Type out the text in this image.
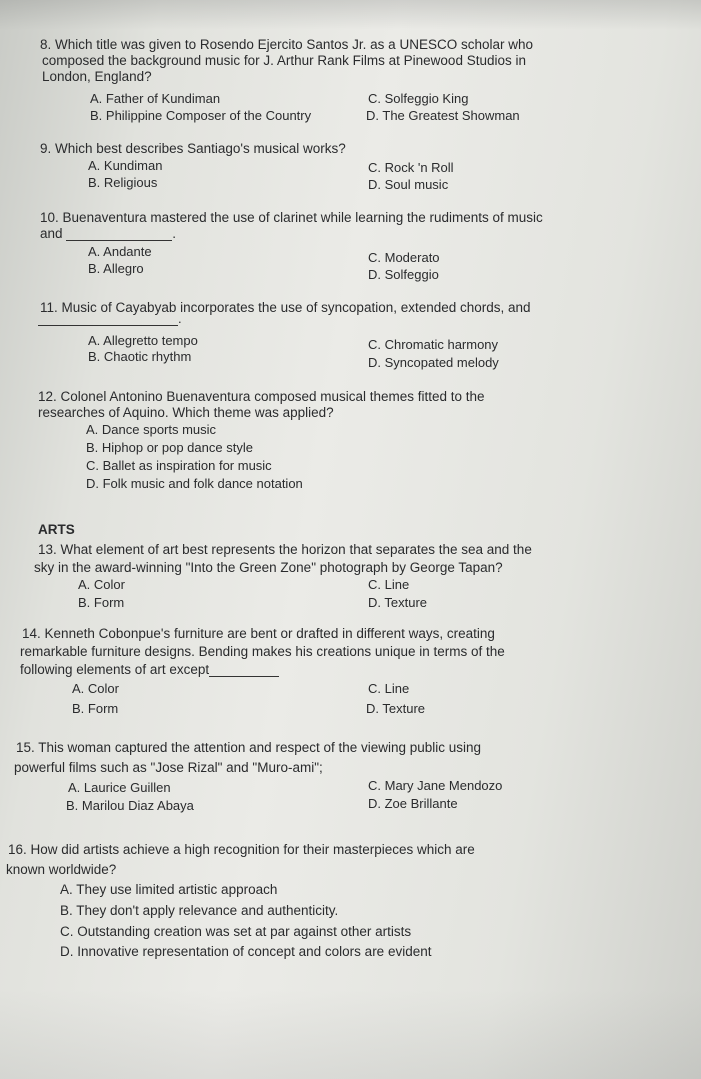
8. Which title was given to Rosendo Ejercito Santos Jr. as a UNESCO scholar who
composed the background music for J. Arthur Rank Films at Pinewood Studios in
London, England?
A. Father of Kundiman	C. Solfeggio King
B. Philippine Composer of the Country	D. The Greatest Showman
9. Which best describes Santiago's musical works?
A. Kundiman	C. Rock 'n Roll
B. Religious	D. Soul music
10. Buenaventura mastered the use of clarinet while learning the rudiments of music
and	.
A. Andante	C. Moderato
B. Allegro	D. Solfeggio
11. Music of Cayabyab incorporates the use of syncopation, extended chords, and
.
A. Allegretto tempo	C. Chromatic harmony
B. Chaotic rhythm	D. Syncopated melody
12. Colonel Antonino Buenaventura composed musical themes fitted to the
researches of Aquino. Which theme was applied?
A. Dance sports music
B. Hiphop or pop dance style
C. Ballet as inspiration for music
D. Folk music and folk dance notation
ARTS
13. What element of art best represents the horizon that separates the sea and the
sky in the award-winning "Into the Green Zone" photograph by George Tapan?
A. Color	C. Line
B. Form	D. Texture
14. Kenneth Cobonpue's furniture are bent or drafted in different ways, creating
remarkable furniture designs. Bending makes his creations unique in terms of the
following elements of art except
A. Color	C. Line
B. Form	D. Texture
15. This woman captured the attention and respect of the viewing public using
powerful films such as "Jose Rizal" and "Muro-ami";
A. Laurice Guillen	C. Mary Jane Mendozo
B. Marilou Diaz Abaya	D. Zoe Brillante
16. How did artists achieve a high recognition for their masterpieces which are
known worldwide?
A. They use limited artistic approach
B. They don't apply relevance and authenticity.
C. Outstanding creation was set at par against other artists
D. Innovative representation of concept and colors are evident
